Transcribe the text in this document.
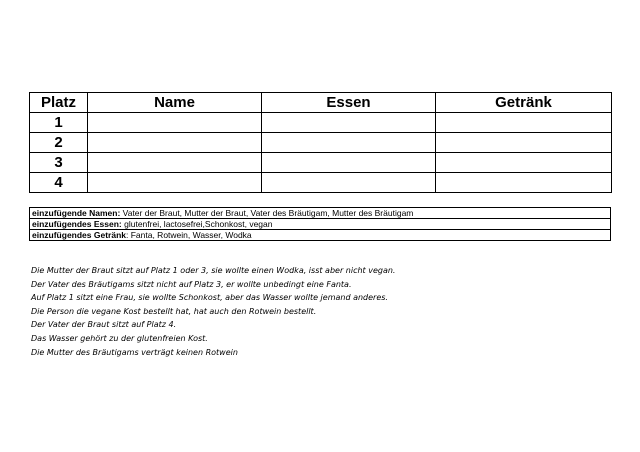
Platz	Name	Essen	Getränk
1			
2			
3			
4			
einzufügende Namen: Vater der Braut, Mutter der Braut, Vater des Bräutigam, Mutter des Bräutigam
einzufügendes Essen: glutenfrei, lactosefrei,Schonkost, vegan
einzufügendes Getränk: Fanta, Rotwein, Wasser, Wodka
Die Mutter der Braut sitzt auf Platz 1 oder 3, sie wollte einen Wodka, isst aber nicht vegan.
Der Vater des Bräutigams sitzt nicht auf Platz 3, er wollte unbedingt eine Fanta.
Auf Platz 1 sitzt eine Frau, sie wollte Schonkost, aber das Wasser wollte jemand anderes.
Die Person die vegane Kost bestellt hat, hat auch den Rotwein bestellt.
Der Vater der Braut sitzt auf Platz 4.
Das Wasser gehört zu der glutenfreien Kost.
Die Mutter des Bräutigams verträgt keinen Rotwein
